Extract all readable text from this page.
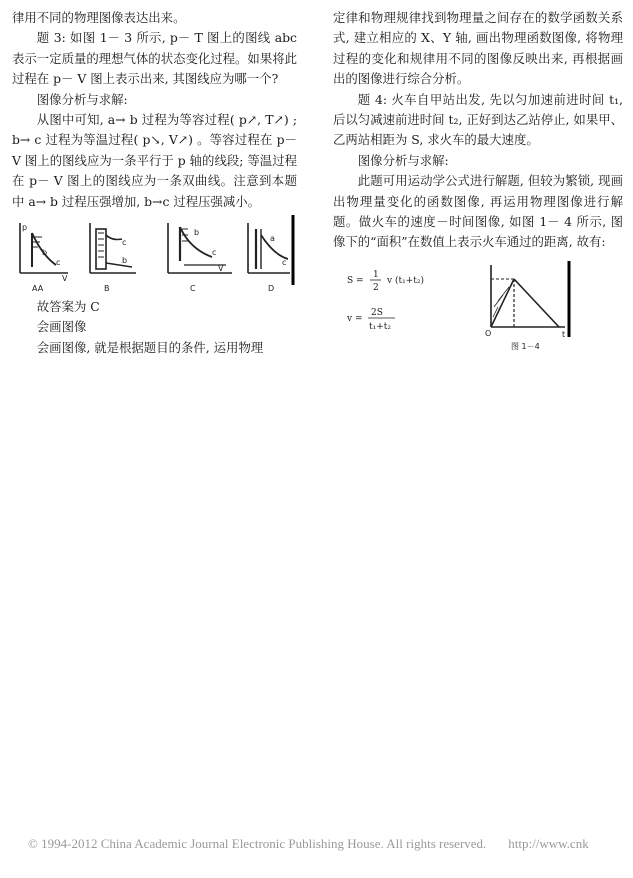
律用不同的物理图像表达出来。

题 3: 如图 1－ 3 所示, p－ T 图上的图线 abc 表示一定质量的理想气体的状态变化过程。如果将此过程在 p－ V 图上表示出来, 其图线应为哪一个?

图像分析与求解:

从图中可知, a→ b 过程为等容过程( p↗, T↗) ; b→ c 过程为等温过程( p↘, V↗) 。等容过程在 p－ V 图上的图线应为一条平行于 p 轴的线段; 等温过程在 p－ V 图上的图线应为一条双曲线。注意到本题中 a→ b 过程压强增加, b→c 过程压强减小。

b
c
p
V
c
b
b
c
V
a
c
AA	B	C	D

故答案为 C

会画图像

会画图像, 就是根据题目的条件, 运用物理

定律和物理规律找到物理量之间存在的数学函数关系式, 建立相应的 X、Y 轴, 画出物理函数图像, 将物理过程的变化和规律用不同的图像反映出来, 再根据画出的图像进行综合分析。

题 4: 火车自甲站出发, 先以匀加速前进时间 t₁, 后以匀减速前进时间 t₂, 正好到达乙站停止, 如果甲、乙两站相距为 S, 求火车的最大速度。

图像分析与求解:

此题可用运动学公式进行解题, 但较为繁锁, 现画出物理量变化的函数图像, 再运用物理图像进行解题。做火车的速度－时间图像, 如图 1－ 4 所示, 图像下的“面积”在数值上表示火车通过的距离, 故有:

S =
1
2
v (t₁+t₂)
v =
2S
t₁+t₂
O	t
图 1－4
© 1994-2012 China Academic Journal Electronic Publishing House. All rights reserved. http://www.cnk
